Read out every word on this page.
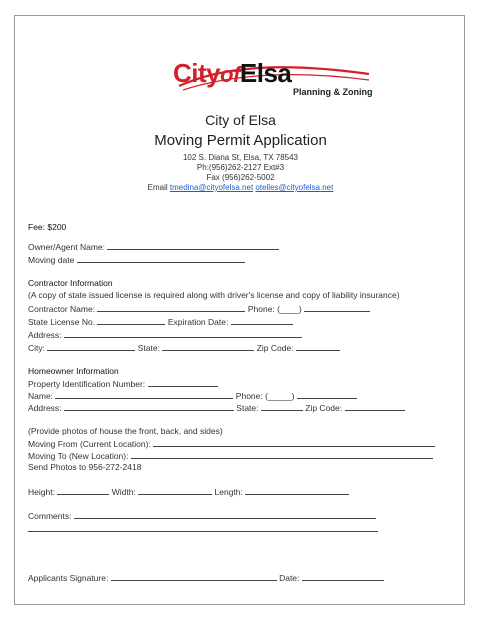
CityofElsa
Planning & Zoning
City of Elsa
Moving Permit Application
102 S. Diana St, Elsa, TX 78543
Ph:(956)262-2127 Ext#3
Fax (956)262-5002
Email tmedina@cityofelsa.net otelles@cityofelsa.net
Fee: $200
Owner/Agent Name:
Moving date
Contractor Information
(A copy of state issued license is required along with driver's license and copy of liability insurance)
Contractor Name:	Phone: (____)
State License No.	Expiration Date:
Address:
City:	State:	Zip Code:
Homeowner Information
Property Identification Number:
Name:	Phone: (_____)
Address:	State:	Zip Code:
(Provide photos of house the front, back, and sides)
Moving From (Current Location):
Moving To (New Location):
Send Photos to 956-272-2418
Height:	Width:	Length:
Comments:
Applicants Signature:	Date:
